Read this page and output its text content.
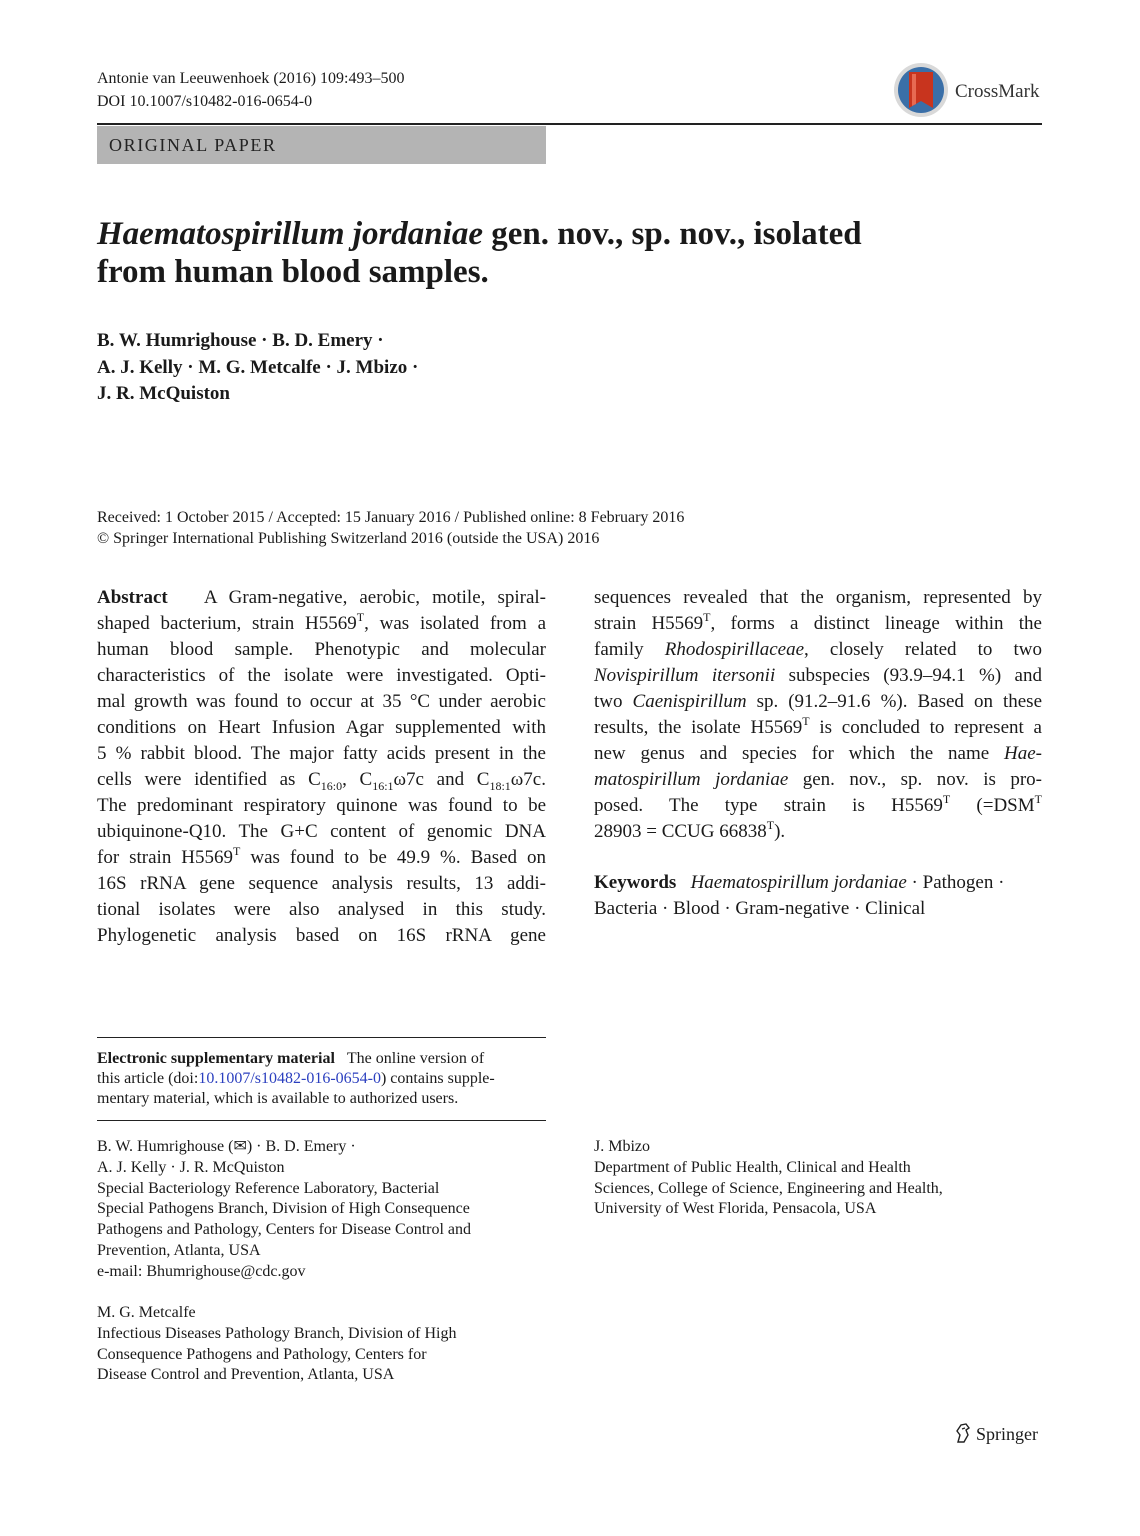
Antonie van Leeuwenhoek (2016) 109:493–500
DOI 10.1007/s10482-016-0654-0	CrossMark
ORIGINAL PAPER
Haematospirillum jordaniae gen. nov., sp. nov., isolated
from human blood samples.
B. W. Humrighouse · B. D. Emery ·
A. J. Kelly · M. G. Metcalfe · J. Mbizo ·
J. R. McQuiston
Received: 1 October 2015 / Accepted: 15 January 2016 / Published online: 8 February 2016
© Springer International Publishing Switzerland 2016 (outside the USA) 2016
Abstract A Gram-negative, aerobic, motile, spiral-
shaped bacterium, strain $H5569^T$, was isolated from a
human blood sample. Phenotypic and molecular
characteristics of the isolate were investigated. Opti-
mal growth was found to occur at 35 °C under aerobic
conditions on Heart Infusion Agar supplemented with
5 % rabbit blood. The major fatty acids present in the
cells were identified as $C_{16:0}$, $C_{16:1}\omega 7c$ and $C_{18:1}\omega 7c$.
The predominant respiratory quinone was found to be
ubiquinone-Q10. The G+C content of genomic DNA
for strain $H5569^T$ was found to be 49.9 %. Based on
16S rRNA gene sequence analysis results, 13 addi-
tional isolates were also analysed in this study.
Phylogenetic analysis based on 16S rRNA gene
sequences revealed that the organism, represented by
strain $H5569^T$, forms a distinct lineage within the
family Rhodospirillaceae, closely related to two
Novispirillum itersonii subspecies (93.9–94.1 %) and
two Caenispirillum sp. (91.2–91.6 %). Based on these
results, the isolate $H5569^T$ is concluded to represent a
new genus and species for which the name Hae-
matospirillum jordaniae gen. nov., sp. nov. is pro-
posed. The type strain is $H5569^T$ ($=DSM^T$
28903 = CCUG $66838^T$).
Keywords Haematospirillum jordaniae · Pathogen ·
Bacteria · Blood · Gram-negative · Clinical
Electronic supplementary material The online version of
this article (doi:10.1007/s10482-016-0654-0) contains supple-
mentary material, which is available to authorized users.
B. W. Humrighouse (✉) · B. D. Emery ·
A. J. Kelly · J. R. McQuiston
Special Bacteriology Reference Laboratory, Bacterial
Special Pathogens Branch, Division of High Consequence
Pathogens and Pathology, Centers for Disease Control and
Prevention, Atlanta, USA
e-mail: Bhumrighouse@cdc.gov
M. G. Metcalfe
Infectious Diseases Pathology Branch, Division of High
Consequence Pathogens and Pathology, Centers for
Disease Control and Prevention, Atlanta, USA
J. Mbizo
Department of Public Health, Clinical and Health
Sciences, College of Science, Engineering and Health,
University of West Florida, Pensacola, USA
Springer
